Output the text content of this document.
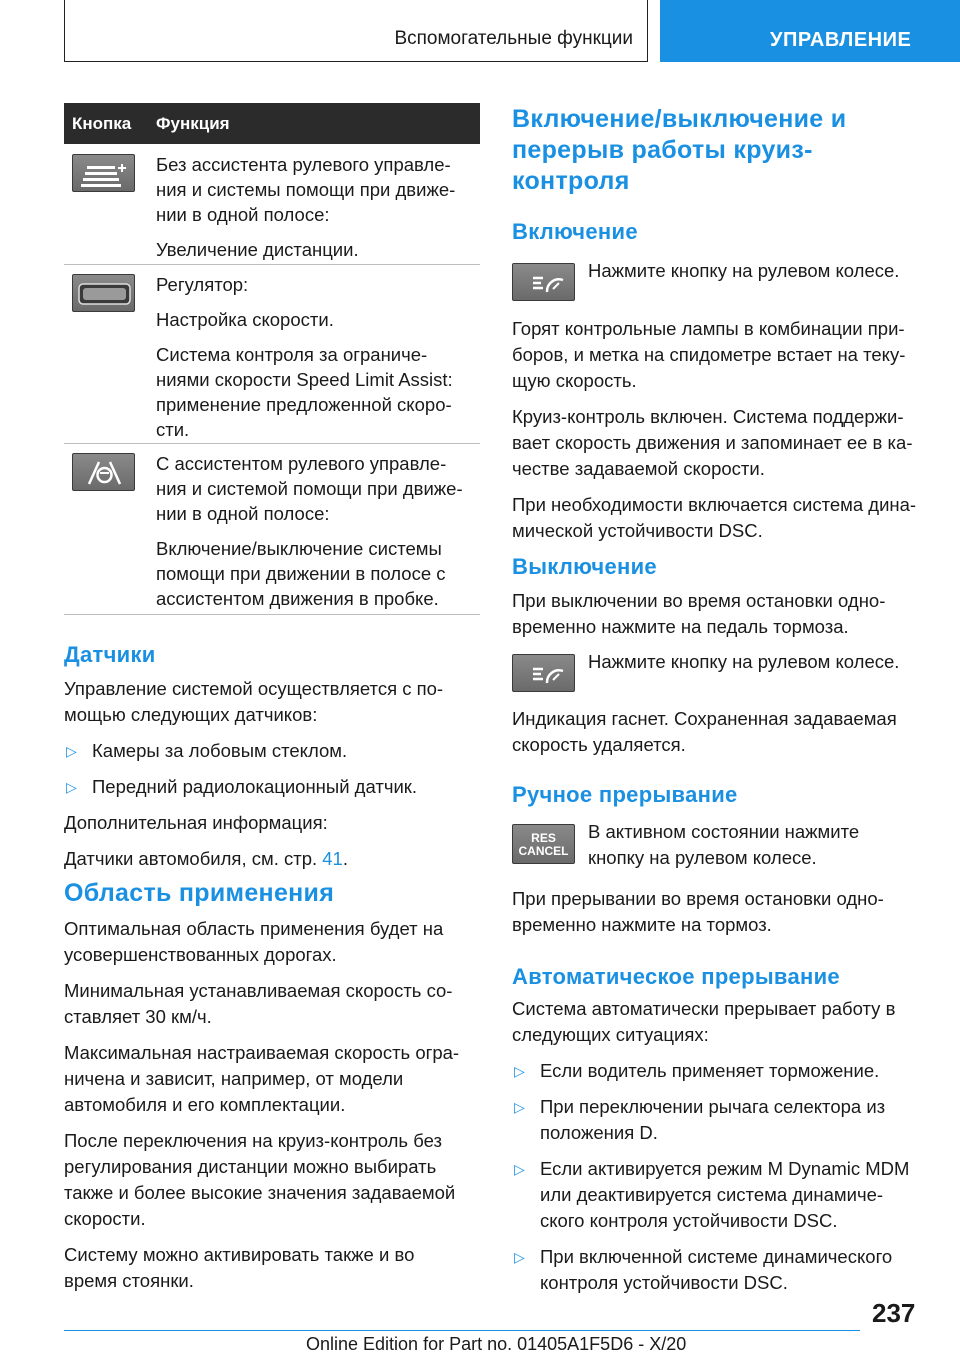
Вспомогательные функции	УПРАВЛЕНИЕ
Кнопка Функция

Без ассистента рулевого управле-
ния и системы помощи при движе-
нии в одной полосе:

Увеличение дистанции.

Регулятор:

Настройка скорости.

Система контроля за ограниче-
ниями скорости Speed Limit Assist:
применение предложенной скоро-
сти.

С ассистентом рулевого управле-
ния и системой помощи при движе-
нии в одной полосе:

Включение/выключение системы
помощи при движении в полосе с
ассистентом движения в пробке.

Датчики

Управление системой осуществляется с по-
мощью следующих датчиков:

▷ Камеры за лобовым стеклом.

▷ Передний радиолокационный датчик.

Дополнительная информация:

Датчики автомобиля, см. стр. 41.

Область применения

Оптимальная область применения будет на
усовершенствованных дорогах.

Минимальная устанавливаемая скорость со-
ставляет 30 км/ч.

Максимальная настраиваемая скорость огра-
ничена и зависит, например, от модели
автомобиля и его комплектации.

После переключения на круиз-контроль без
регулирования дистанции можно выбирать
также и более высокие значения задаваемой
скорости.

Систему можно активировать также и во
время стоянки.

Включение/выключение и
перерыв работы круиз-
контроля
Включение
Нажмите кнопку на рулевом колесе.

Горят контрольные лампы в комбинации при-
боров, и метка на спидометре встает на теку-
щую скорость.

Круиз-контроль включен. Система поддержи-
вает скорость движения и запоминает ее в ка-
честве задаваемой скорости.

При необходимости включается система дина-
мической устойчивости DSC.

Выключение
При выключении во время остановки одно-
временно нажмите на педаль тормоза.
Нажмите кнопку на рулевом колесе.
Индикация гаснет. Сохраненная задаваемая
скорость удаляется.
Ручное прерывание
RES
CANCEL
В активном состоянии нажмите
кнопку на рулевом колесе.
При прерывании во время остановки одно-
временно нажмите на тормоз.
Автоматическое прерывание

Система автоматически прерывает работу в
следующих ситуациях:

▷ Если водитель применяет торможение.

▷ При переключении рычага селектора из
положения D.

▷ Если активируется режим M Dynamic MDM
или деактивируется система динамиче-
ского контроля устойчивости DSC.

▷ При включенной системе динамического
контроля устойчивости DSC.

237
Online Edition for Part no. 01405A1F5D6 - X/20
